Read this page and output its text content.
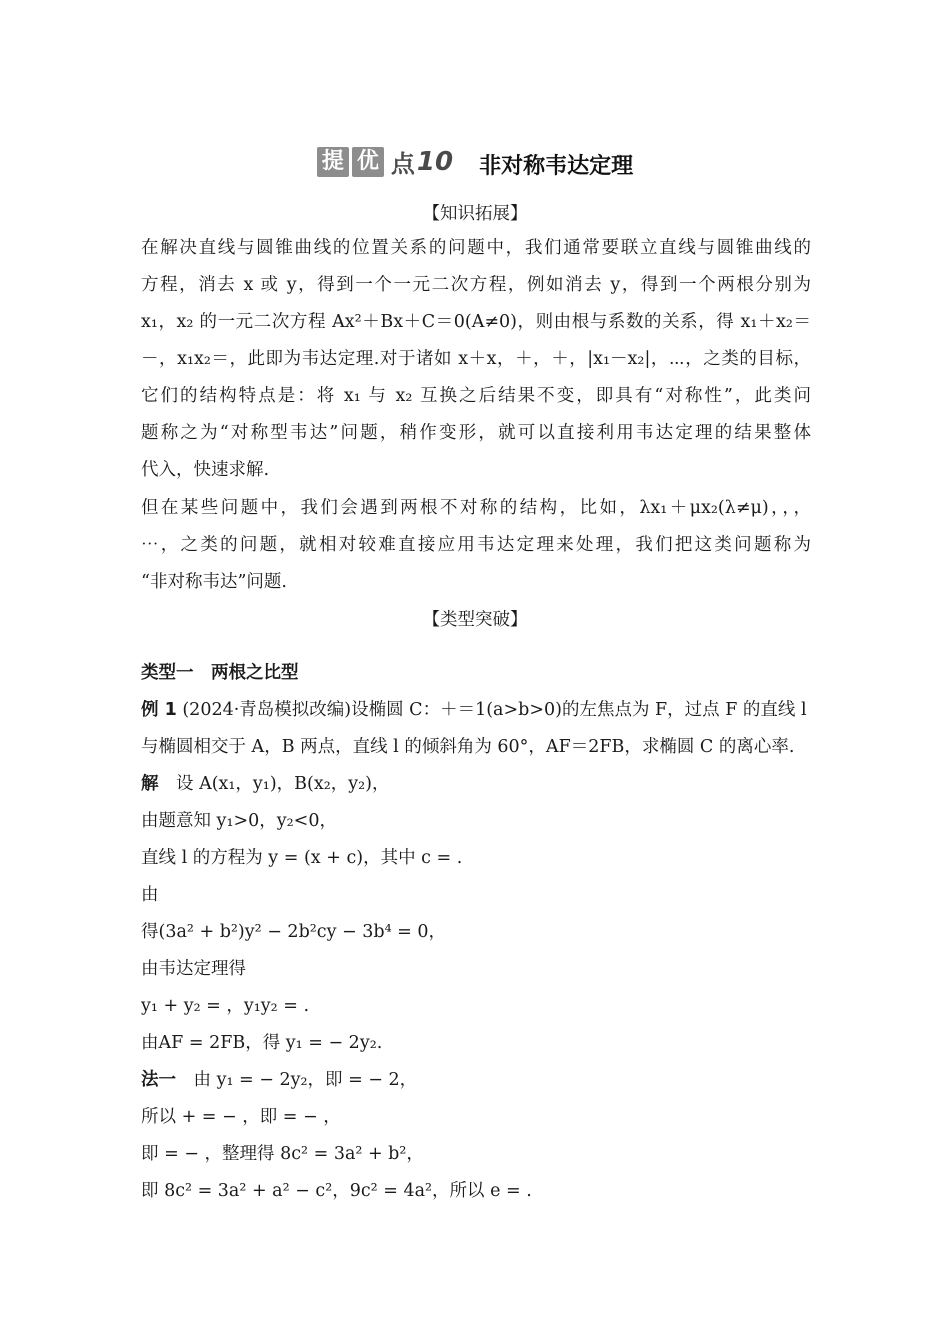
提 优 点 10 非对称韦达定理
【知识拓展】
在解决直线与圆锥曲线的位置关系的问题中，我们通常要联立直线与圆锥曲线的
方程，消去 x 或 y，得到一个一元二次方程，例如消去 y，得到一个两根分别为
x₁，x₂ 的一元二次方程 Ax²＋Bx＋C＝0(A≠0)，则由根与系数的关系，得 x₁＋x₂＝
－，x₁x₂＝，此即为韦达定理.对于诸如 x＋x，＋，＋，|x₁－x₂|，⋯，之类的目标，
它们的结构特点是：将 x₁ 与 x₂ 互换之后结果不变，即具有“对称性”，此类问
题称之为“对称型韦达”问题，稍作变形，就可以直接利用韦达定理的结果整体
代入，快速求解.
但在某些问题中，我们会遇到两根不对称的结构，比如，λx₁＋μx₂(λ≠μ)，，，
⋯，之类的问题，就相对较难直接应用韦达定理来处理，我们把这类问题称为
“非对称韦达”问题.
【类型突破】
类型一　两根之比型
例 1 (2024·青岛模拟改编)设椭圆 C：＋＝1(a>b>0)的左焦点为 F，过点 F 的直线 l
与椭圆相交于 A，B 两点，直线 l 的倾斜角为 60°，AF＝2FB，求椭圆 C 的离心率.
解　 设 A(x₁，y₁)，B(x₂，y₂)，
由题意知 y₁>0，y₂<0，
直线 l 的方程为 y = (x + c)，其中 c = .
由
得(3a² + b²)y² − 2b²cy − 3b⁴ = 0，
由韦达定理得
y₁ + y₂ = ，y₁y₂ = .
由AF = 2FB，得 y₁ = − 2y₂.
法一　 由 y₁ = − 2y₂，即 = − 2，
所以 + = − ，即 = − ，
即 = − ，整理得 8c² = 3a² + b²，
即 8c² = 3a² + a² − c²，9c² = 4a²，所以 e = .
